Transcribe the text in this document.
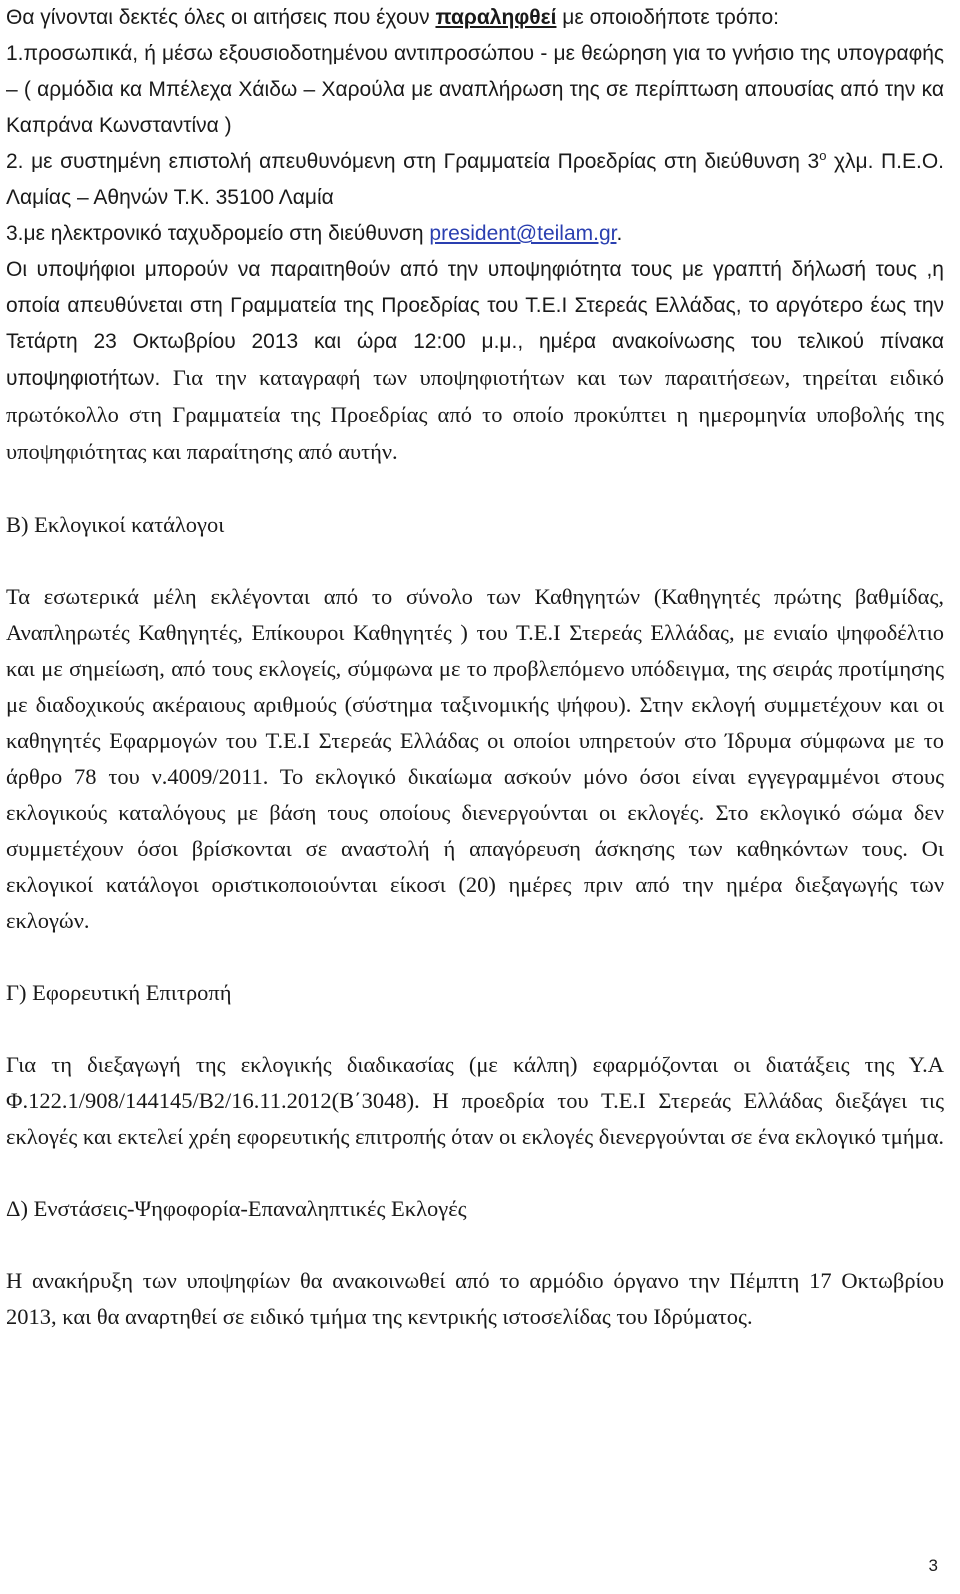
Θα γίνονται δεκτές όλες οι αιτήσεις που έχουν παραληφθεί με οποιοδήποτε τρόπο:

1.προσωπικά, ή μέσω εξουσιοδοτημένου αντιπροσώπου - με θεώρηση για το γνήσιο της υπογραφής – ( αρμόδια κα Μπέλεχα Χάιδω – Χαρούλα με αναπλήρωση της σε περίπτωση απουσίας από την κα Καπράνα Κωνσταντίνα )

2. με συστημένη επιστολή απευθυνόμενη στη Γραμματεία Προεδρίας στη διεύθυνση $3^o$ χλμ. Π.Ε.Ο. Λαμίας – Αθηνών Τ.Κ. 35100 Λαμία

3.με ηλεκτρονικό ταχυδρομείο στη διεύθυνση president@teilam.gr.

Οι υποψήφιοι μπορούν να παραιτηθούν από την υποψηφιότητα τους με γραπτή δήλωσή τους ,η οποία απευθύνεται στη Γραμματεία της Προεδρίας του Τ.Ε.Ι Στερεάς Ελλάδας, το αργότερο έως την Τετάρτη 23 Οκτωβρίου 2013 και ώρα 12:00 μ.μ., ημέρα ανακοίνωσης του τελικού πίνακα υποψηφιοτήτων. Για την καταγραφή των υποψηφιοτήτων και των παραιτήσεων, τηρείται ειδικό πρωτόκολλο στη Γραμματεία της Προεδρίας από το οποίο προκύπτει η ημερομηνία υποβολής της υποψηφιότητας και παραίτησης από αυτήν.

Β) Εκλογικοί κατάλογοι

Τα εσωτερικά μέλη εκλέγονται από το σύνολο των Καθηγητών (Καθηγητές πρώτης βαθμίδας, Αναπληρωτές Καθηγητές, Επίκουροι Καθηγητές ) του Τ.Ε.Ι Στερεάς Ελλάδας, με ενιαίο ψηφοδέλτιο και με σημείωση, από τους εκλογείς, σύμφωνα με το προβλεπόμενο υπόδειγμα, της σειράς προτίμησης με διαδοχικούς ακέραιους αριθμούς (σύστημα ταξινομικής ψήφου). Στην εκλογή συμμετέχουν και οι καθηγητές Εφαρμογών του Τ.Ε.Ι Στερεάς Ελλάδας οι οποίοι υπηρετούν στο Ίδρυμα σύμφωνα με το άρθρο 78 του ν.4009/2011. Το εκλογικό δικαίωμα ασκούν μόνο όσοι είναι εγγεγραμμένοι στους εκλογικούς καταλόγους με βάση τους οποίους διενεργούνται οι εκλογές. Στο εκλογικό σώμα δεν συμμετέχουν όσοι βρίσκονται σε αναστολή ή απαγόρευση άσκησης των καθηκόντων τους. Οι εκλογικοί κατάλογοι οριστικοποιούνται είκοσι (20) ημέρες πριν από την ημέρα διεξαγωγής των εκλογών.

Γ) Εφορευτική Επιτροπή

Για τη διεξαγωγή της εκλογικής διαδικασίας (με κάλπη) εφαρμόζονται οι διατάξεις της Υ.Α Φ.122.1/908/144145/Β2/16.11.2012(Β΄3048). Η προεδρία του Τ.Ε.Ι Στερεάς Ελλάδας διεξάγει τις εκλογές και εκτελεί χρέη εφορευτικής επιτροπής όταν οι εκλογές διενεργούνται σε ένα εκλογικό τμήμα.

Δ) Ενστάσεις-Ψηφοφορία-Επαναληπτικές Εκλογές

Η ανακήρυξη των υποψηφίων θα ανακοινωθεί από το αρμόδιο όργανο την Πέμπτη 17 Οκτωβρίου 2013, και θα αναρτηθεί σε ειδικό τμήμα της κεντρικής ιστοσελίδας του Ιδρύματος.

3
